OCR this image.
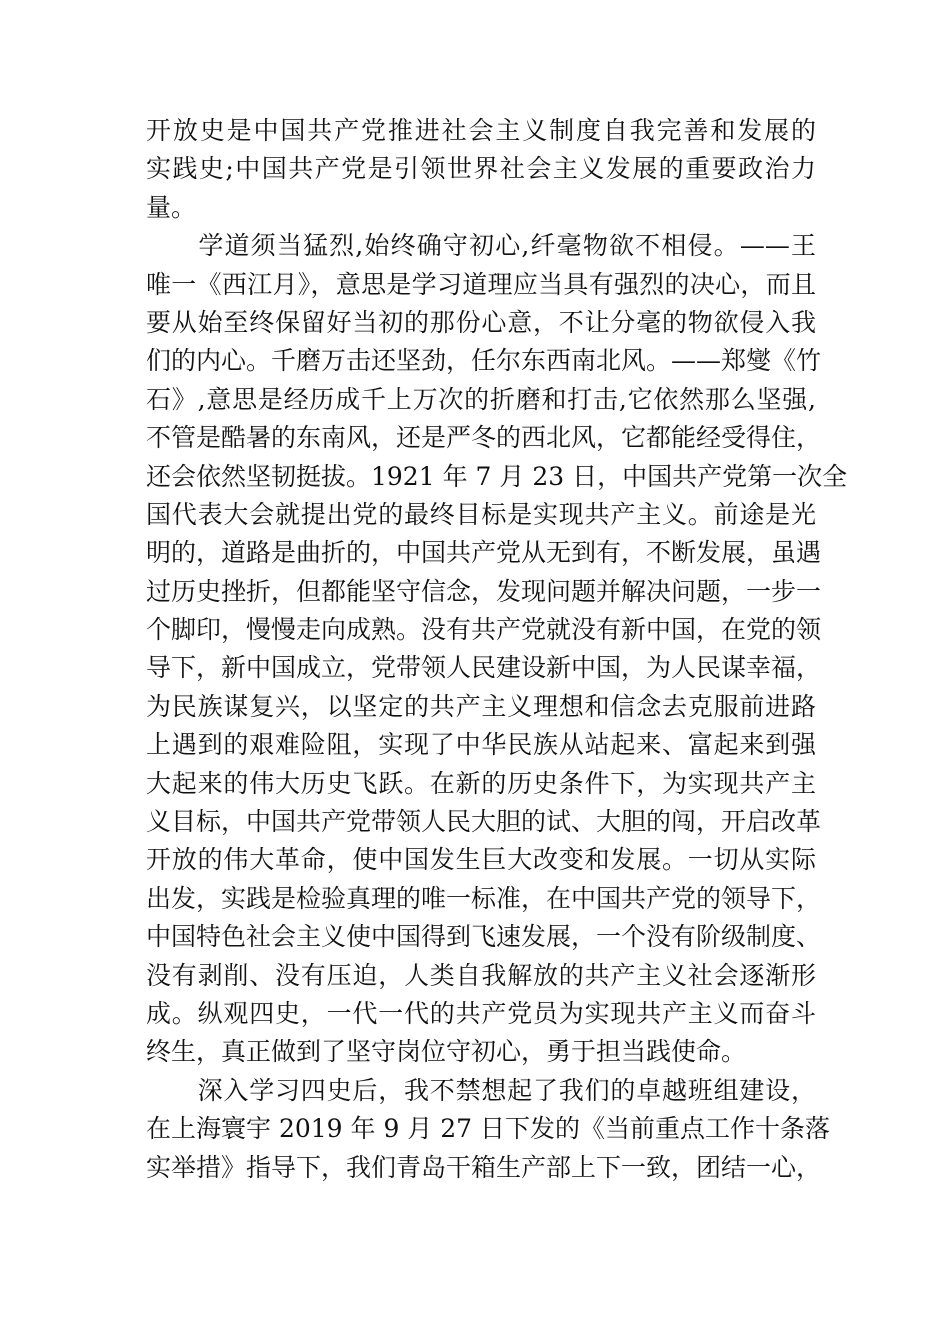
开放史是中国共产党推进社会主义制度自我完善和发展的
实践史;中国共产党是引领世界社会主义发展的重要政治力
量。
　　学道须当猛烈,始终确守初心,纤毫物欲不相侵。——王
唯一《西江月》，意思是学习道理应当具有强烈的决心，而且
要从始至终保留好当初的那份心意，不让分毫的物欲侵入我
们的内心。千磨万击还坚劲，任尔东西南北风。——郑燮《竹
石》,意思是经历成千上万次的折磨和打击,它依然那么坚强,
不管是酷暑的东南风，还是严冬的西北风，它都能经受得住，
还会依然坚韧挺拔。1921 年 7 月 23 日，中国共产党第一次全
国代表大会就提出党的最终目标是实现共产主义。前途是光
明的，道路是曲折的，中国共产党从无到有，不断发展，虽遇
过历史挫折，但都能坚守信念，发现问题并解决问题，一步一
个脚印，慢慢走向成熟。没有共产党就没有新中国，在党的领
导下，新中国成立，党带领人民建设新中国，为人民谋幸福，
为民族谋复兴，以坚定的共产主义理想和信念去克服前进路
上遇到的艰难险阻，实现了中华民族从站起来、富起来到强
大起来的伟大历史飞跃。在新的历史条件下，为实现共产主
义目标，中国共产党带领人民大胆的试、大胆的闯，开启改革
开放的伟大革命，使中国发生巨大改变和发展。一切从实际
出发，实践是检验真理的唯一标准，在中国共产党的领导下，
中国特色社会主义使中国得到飞速发展，一个没有阶级制度、
没有剥削、没有压迫，人类自我解放的共产主义社会逐渐形
成。纵观四史，一代一代的共产党员为实现共产主义而奋斗
终生，真正做到了坚守岗位守初心，勇于担当践使命。
　　深入学习四史后，我不禁想起了我们的卓越班组建设，
在上海寰宇 2019 年 9 月 27 日下发的《当前重点工作十条落
实举措》指导下，我们青岛干箱生产部上下一致，团结一心，
